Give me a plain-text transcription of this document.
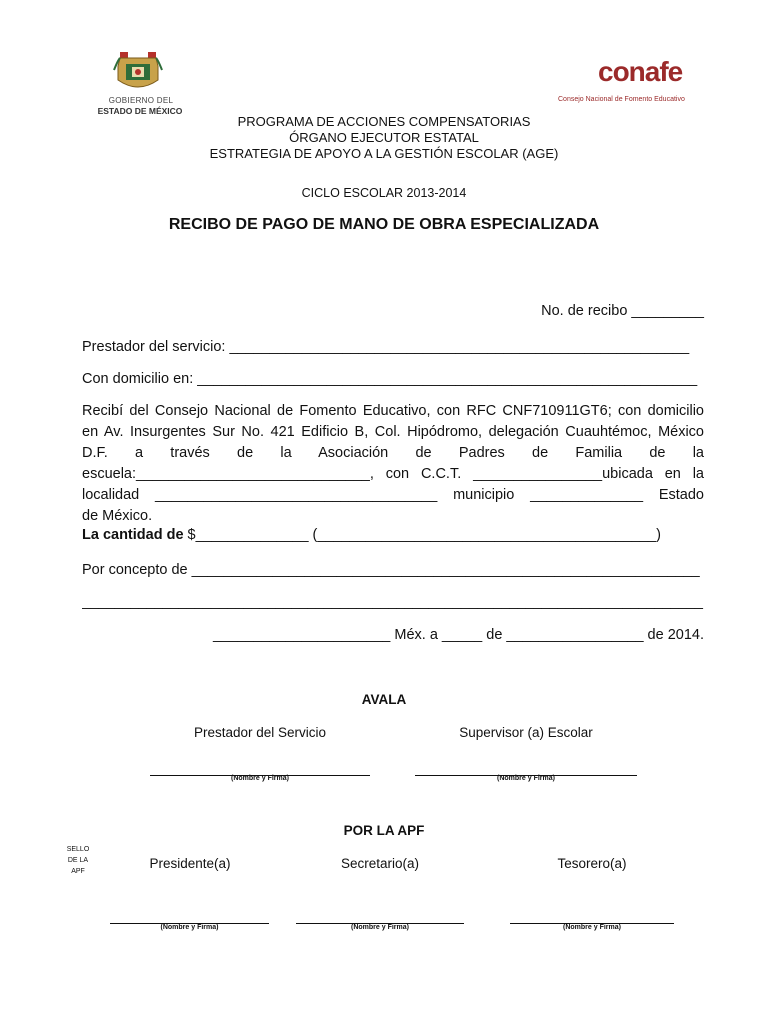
GOBIERNO DEL
ESTADO DE MÉXICO
conafe
Consejo Nacional de Fomento Educativo
PROGRAMA DE ACCIONES COMPENSATORIAS
ÓRGANO EJECUTOR ESTATAL
ESTRATEGIA DE APOYO A LA GESTIÓN ESCOLAR (AGE)
CICLO ESCOLAR 2013-2014
RECIBO DE PAGO DE MANO DE OBRA ESPECIALIZADA
No. de recibo _________
Prestador del servicio: _________________________________________________________
Con domicilio en: ______________________________________________________________
Recibí del Consejo Nacional de Fomento Educativo, con RFC CNF710911GT6; con domicilio
en Av. Insurgentes Sur No. 421 Edificio B, Col. Hipódromo, delegación Cuauhtémoc, México
D.F. a través de la Asociación de Padres de Familia de la
escuela:_____________________________, con C.C.T. ________________ubicada en la
localidad ___________________________________ municipio ______________ Estado
de México.
La cantidad de $______________ (__________________________________________)
Por concepto de _______________________________________________________________
_____________________________________________________________________________
______________________ Méx. a _____ de _________________ de 2014.
AVALA
Prestador del Servicio	Supervisor (a) Escolar
(Nombre y Firma)	(Nombre y Firma)
POR LA APF
SELLO
DE LA
APF
Presidente(a)	Secretario(a)	Tesorero(a)
(Nombre y Firma)	(Nombre y Firma)	(Nombre y Firma)
